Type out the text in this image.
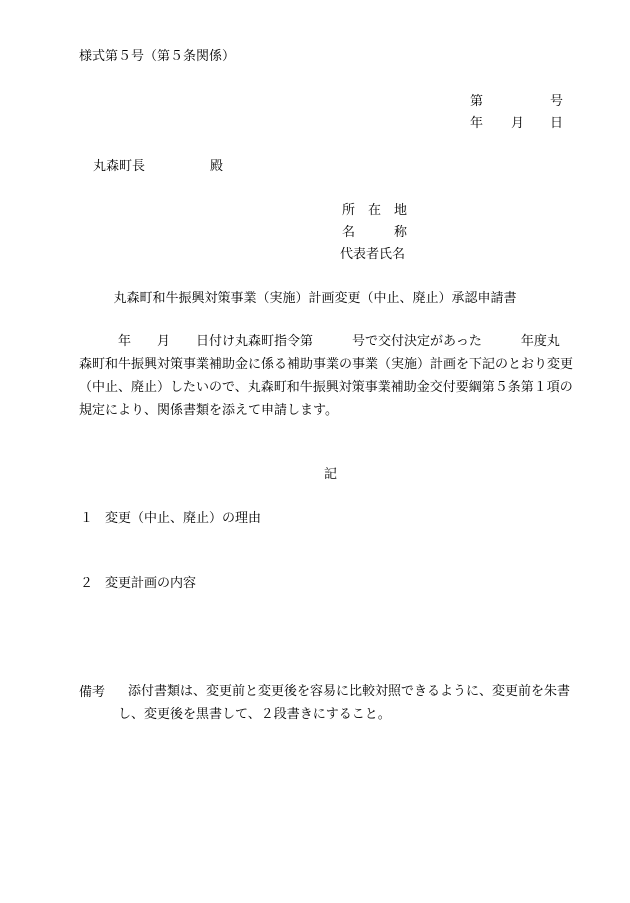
様式第５号（第５条関係）
第	号
年 月 日
丸森町長	殿
所　在　地
名　　　称
代表者氏名
丸森町和牛振興対策事業（実施）計画変更（中止、廃止）承認申請書
　　　年　　月　　日付け丸森町指令第　　　号で交付決定があった　　　年度丸
森町和牛振興対策事業補助金に係る補助事業の事業（実施）計画を下記のとおり変更
（中止、廃止）したいので、丸森町和牛振興対策事業補助金交付要綱第５条第１項の
規定により、関係書類を添えて申請します。
記
１ 変更（中止、廃止）の理由
２ 変更計画の内容
備考	添付書類は、変更前と変更後を容易に比較対照できるように、変更前を朱書
し、変更後を黒書して、２段書きにすること。
